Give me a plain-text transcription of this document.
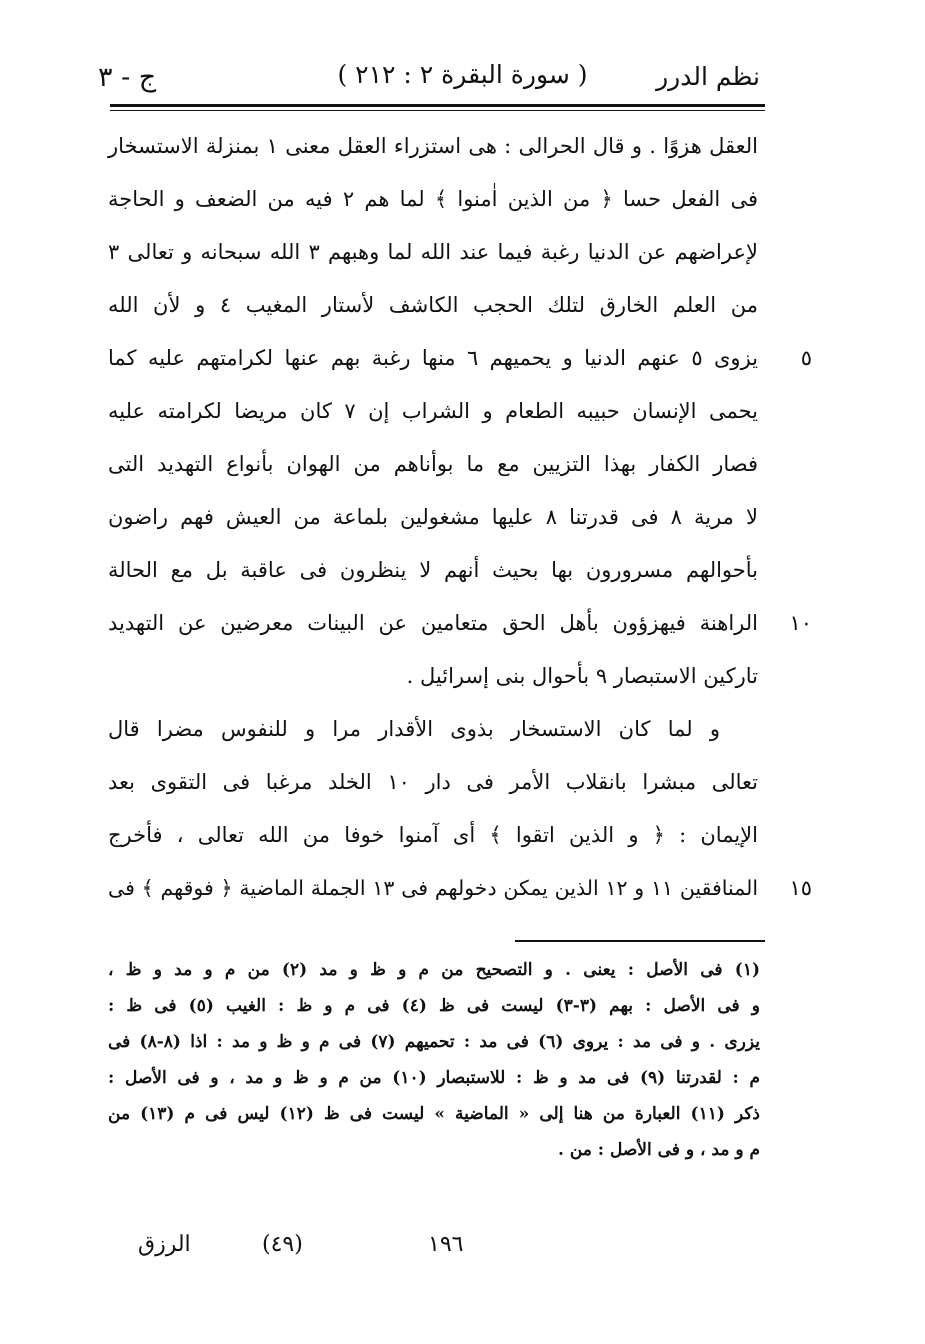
ج - ٣	( سورة البقرة ٢ : ٢١٢ )	نظم الدرر
العقل هزوًا . و قال الحرالى : هى استزراء العقل معنى ١ بمنزلة الاستسخار
فى الفعل حسا ﴿ من الذين اٰمنوا ﴾ لما هم ٢ فيه من الضعف و الحاجة
لإعراضهم عن الدنيا رغبة فيما عند الله لما وهبهم ٣ الله سبحانه و تعالى ٣
من العلم الخارق لتلك الحجب الكاشف لأستار المغيب ٤ و لأن الله
يزوى ٥ عنهم الدنيا و يحميهم ٦ منها رغبة بهم عنها لكرامتهم عليه كما ٥
يحمى الإنسان حبيبه الطعام و الشراب إن ٧ كان مريضا لكرامته عليه
فصار الكفار بهذا التزيين مع ما بوأناهم من الهوان بأنواع التهديد التى
لا مرية ٨ فى قدرتنا ٨ عليها مشغولين بلماعة من العيش فهم راضون
بأحوالهم مسرورون بها بحيث أنهم لا ينظرون فى عاقبة بل مع الحالة
الراهنة فيهزؤون بأهل الحق متعامين عن البينات معرضين عن التهديد ١٠
تاركين الاستبصار ٩ بأحوال بنى إسرائيل .
و لما كان الاستسخار بذوى الأقدار مرا و للنفوس مضرا قال
تعالى مبشرا بانقلاب الأمر فى دار ١٠ الخلد مرغبا فى التقوى بعد
الإيمان : ﴿ و الذين اتقوا ﴾ أى آمنوا خوفا من الله تعالى ، فأخرج
المنافقين ١١ و ١٢ الذين يمكن دخولهم فى ١٣ الجملة الماضية ﴿ فوقهم ﴾ فى ١٥
(١) فى الأصل : يعنى . و التصحيح من م و ظ و مد (٢) من م و مد و ظ ،
و فى الأصل : بهم (٣-٣) ليست فى ظ (٤) فى م و ظ : الغيب (٥) فى ظ :
يزرى . و فى مد : يروى (٦) فى مد : تحميهم (٧) فى م و ظ و مد : اذا (٨-٨) فى
م : لقدرتنا (٩) فى مد و ظ : للاستبصار (١٠) من م و ظ و مد ، و فى الأصل :
ذكر (١١) العبارة من هنا إلى « الماضية » ليست فى ظ (١٢) ليس فى م (١٣) من
م و مد ، و فى الأصل : من .
الرزق	(٤٩)	١٩٦
